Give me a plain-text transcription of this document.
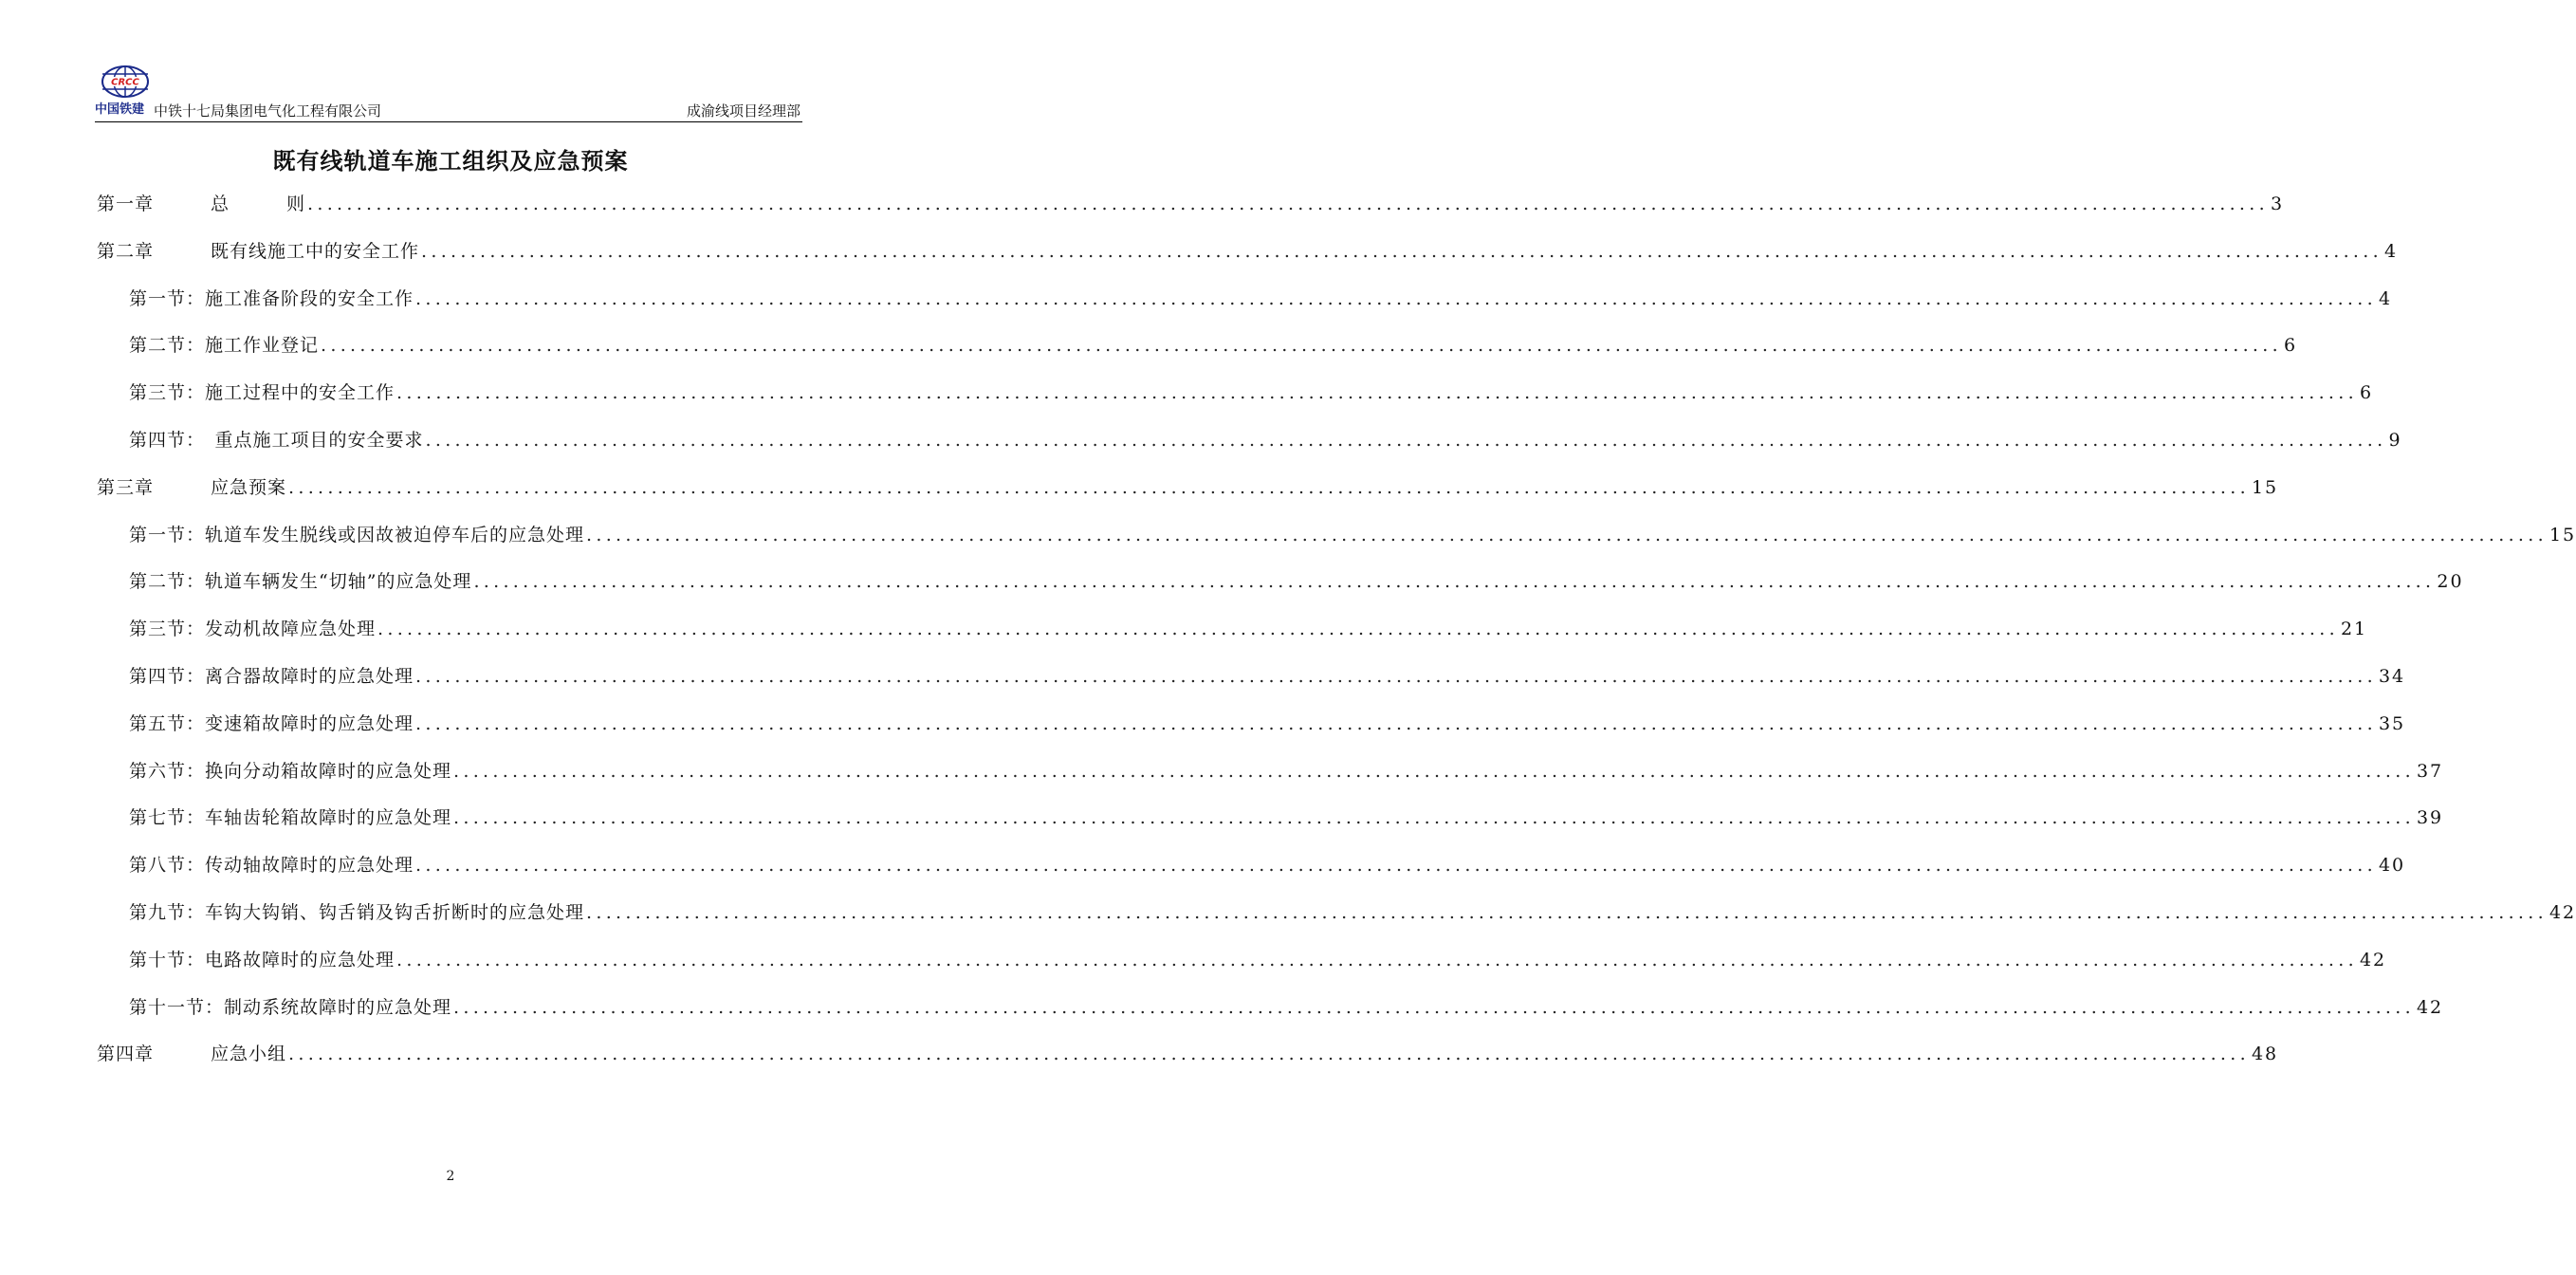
CRCC
中国铁建 中铁十七局集团电气化工程有限公司	成渝线项目经理部
既有线轨道车施工组织及应急预案
第一章　　　总　　　则 ........................................................................................................................................................................................................ 3
第二章　　　既有线施工中的安全工作 ........................................................................................................................................................................................................ 4
第一节：施工准备阶段的安全工作 ........................................................................................................................................................................................................ 4
第二节：施工作业登记 ........................................................................................................................................................................................................ 6
第三节：施工过程中的安全工作 ........................................................................................................................................................................................................ 6
第四节：　重点施工项目的安全要求 ........................................................................................................................................................................................................ 9
第三章　　　应急预案 ........................................................................................................................................................................................................ 15
第一节：轨道车发生脱线或因故被迫停车后的应急处理 ........................................................................................................................................................................................................ 15
第二节：轨道车辆发生“切轴”的应急处理 ........................................................................................................................................................................................................ 20
第三节：发动机故障应急处理 ........................................................................................................................................................................................................ 21
第四节：离合器故障时的应急处理 ........................................................................................................................................................................................................ 34
第五节：变速箱故障时的应急处理 ........................................................................................................................................................................................................ 35
第六节：换向分动箱故障时的应急处理 ........................................................................................................................................................................................................ 37
第七节：车轴齿轮箱故障时的应急处理 ........................................................................................................................................................................................................ 39
第八节：传动轴故障时的应急处理 ........................................................................................................................................................................................................ 40
第九节：车钩大钩销、钩舌销及钩舌折断时的应急处理 ........................................................................................................................................................................................................ 42
第十节：电路故障时的应急处理 ........................................................................................................................................................................................................ 42
第十一节：制动系统故障时的应急处理 ........................................................................................................................................................................................................ 42
第四章　　　应急小组 ........................................................................................................................................................................................................ 48
2
